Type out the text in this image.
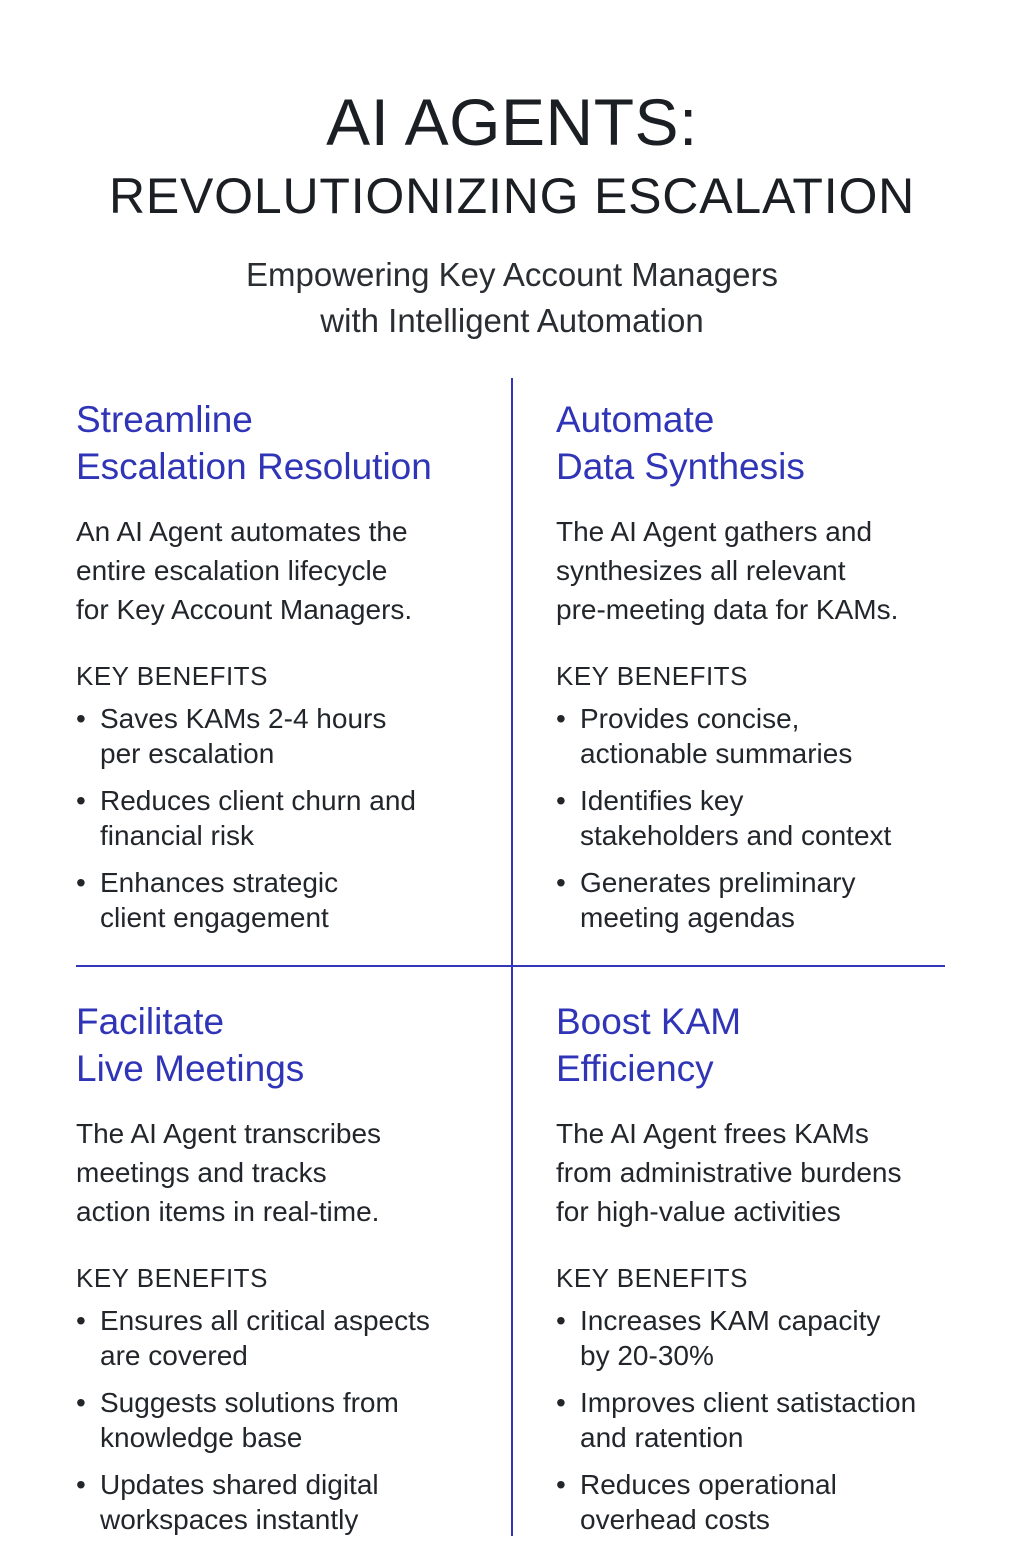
AI AGENTS:
REVOLUTIONIZING ESCALATION
Empowering Key Account Managers
with Intelligent Automation
Streamline
Escalation Resolution
An AI Agent automates the
entire escalation lifecycle
for Key Account Managers.
KEY BENEFITS
• Saves KAMs 2-4 hours
per escalation
• Reduces client churn and
financial risk
• Enhances strategic
client engagement
Automate
Data Synthesis
The AI Agent gathers and
synthesizes all relevant
pre-meeting data for KAMs.
KEY BENEFITS
• Provides concise,
actionable summaries
• Identifies key
stakeholders and context
• Generates preliminary
meeting agendas
Facilitate
Live Meetings
The AI Agent transcribes
meetings and tracks
action items in real-time.
KEY BENEFITS
• Ensures all critical aspects
are covered
• Suggests solutions from
knowledge base
• Updates shared digital
workspaces instantly
Boost KAM
Efficiency
The AI Agent frees KAMs
from administrative burdens
for high-value activities
KEY BENEFITS
• Increases KAM capacity
by 20-30%
• Improves client satistaction
and ratention
• Reduces operational
overhead costs
